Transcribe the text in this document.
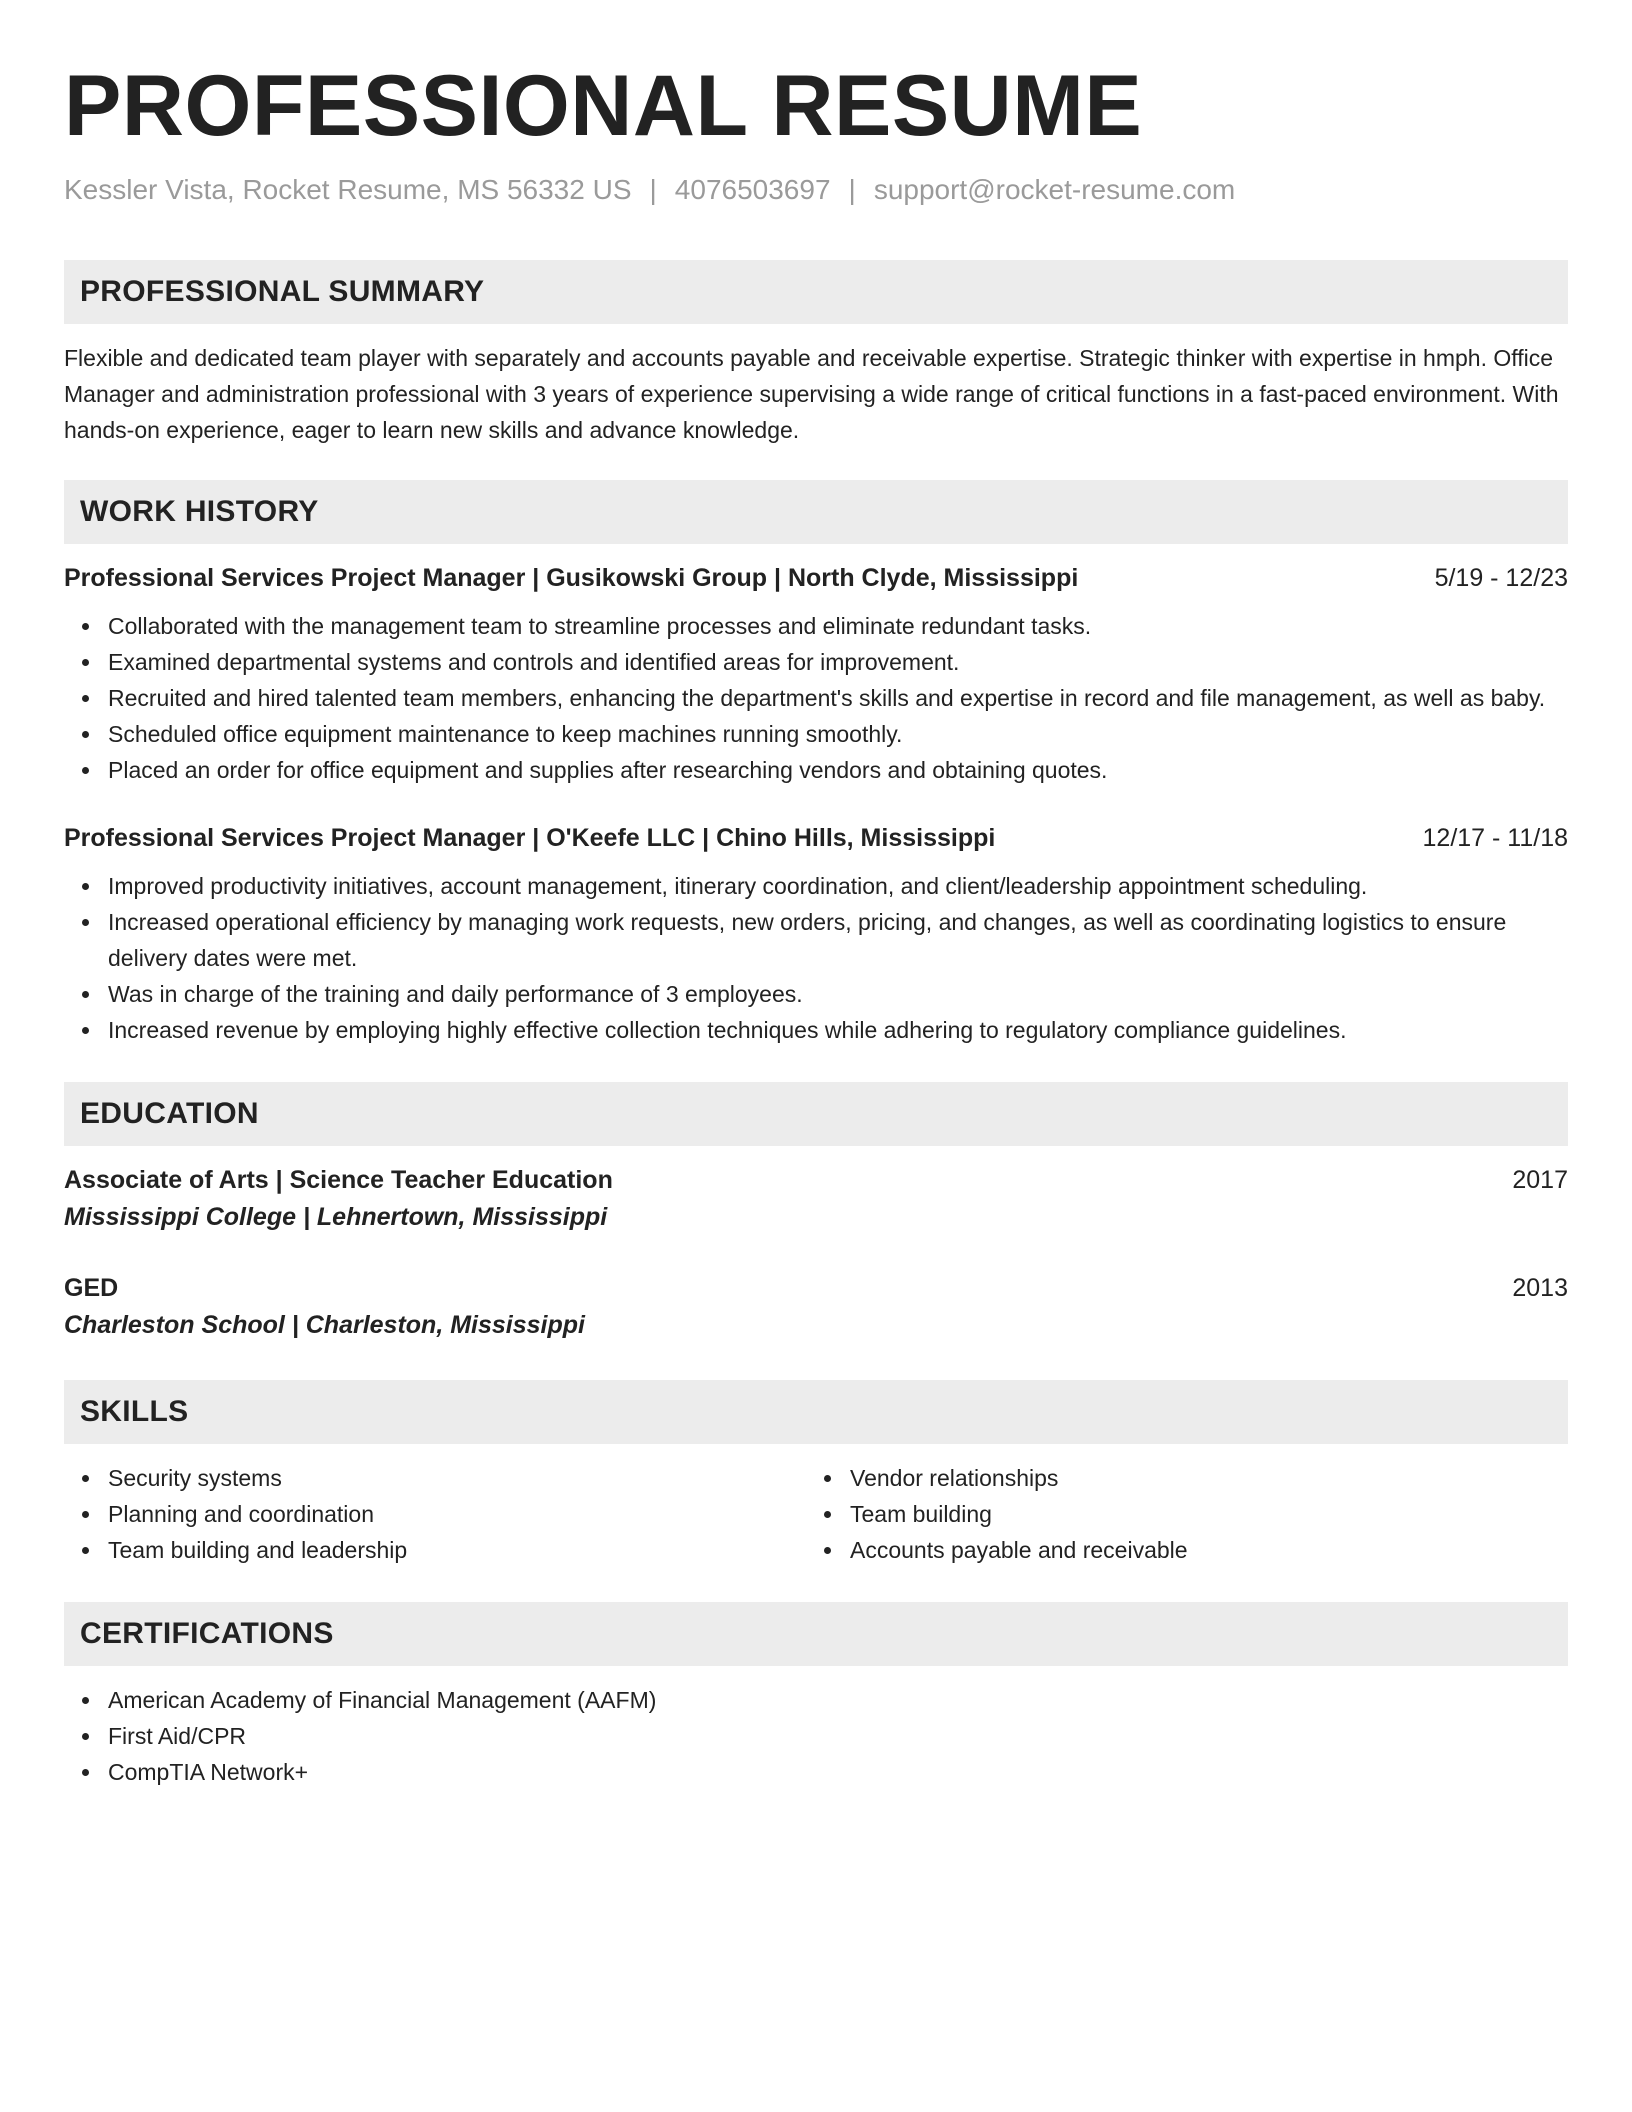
PROFESSIONAL RESUME
Kessler Vista, Rocket Resume, MS 56332 US | 4076503697 | support@rocket-resume.com
PROFESSIONAL SUMMARY

Flexible and dedicated team player with separately and accounts payable and receivable expertise. Strategic thinker with expertise in hmph. Office Manager and administration professional with 3 years of experience supervising a wide range of critical functions in a fast-paced environment. With hands-on experience, eager to learn new skills and advance knowledge.

WORK HISTORY
Professional Services Project Manager | Gusikowski Group | North Clyde, Mississippi	5/19 - 12/23
Collaborated with the management team to streamline processes and eliminate redundant tasks.
Examined departmental systems and controls and identified areas for improvement.
Recruited and hired talented team members, enhancing the department's skills and expertise in record and file management, as well as baby.
Scheduled office equipment maintenance to keep machines running smoothly.
Placed an order for office equipment and supplies after researching vendors and obtaining quotes.
Professional Services Project Manager | O'Keefe LLC | Chino Hills, Mississippi	12/17 - 11/18
Improved productivity initiatives, account management, itinerary coordination, and client/leadership appointment scheduling.
Increased operational efficiency by managing work requests, new orders, pricing, and changes, as well as coordinating logistics to ensure delivery dates were met.
Was in charge of the training and daily performance of 3 employees.
Increased revenue by employing highly effective collection techniques while adhering to regulatory compliance guidelines.
EDUCATION
Associate of Arts | Science Teacher Education	2017
Mississippi College | Lehnertown, Mississippi
GED	2013
Charleston School | Charleston, Mississippi
SKILLS
Security systems
Planning and coordination
Team building and leadership
Vendor relationships
Team building
Accounts payable and receivable
CERTIFICATIONS
American Academy of Financial Management (AAFM)
First Aid/CPR
CompTIA Network+
